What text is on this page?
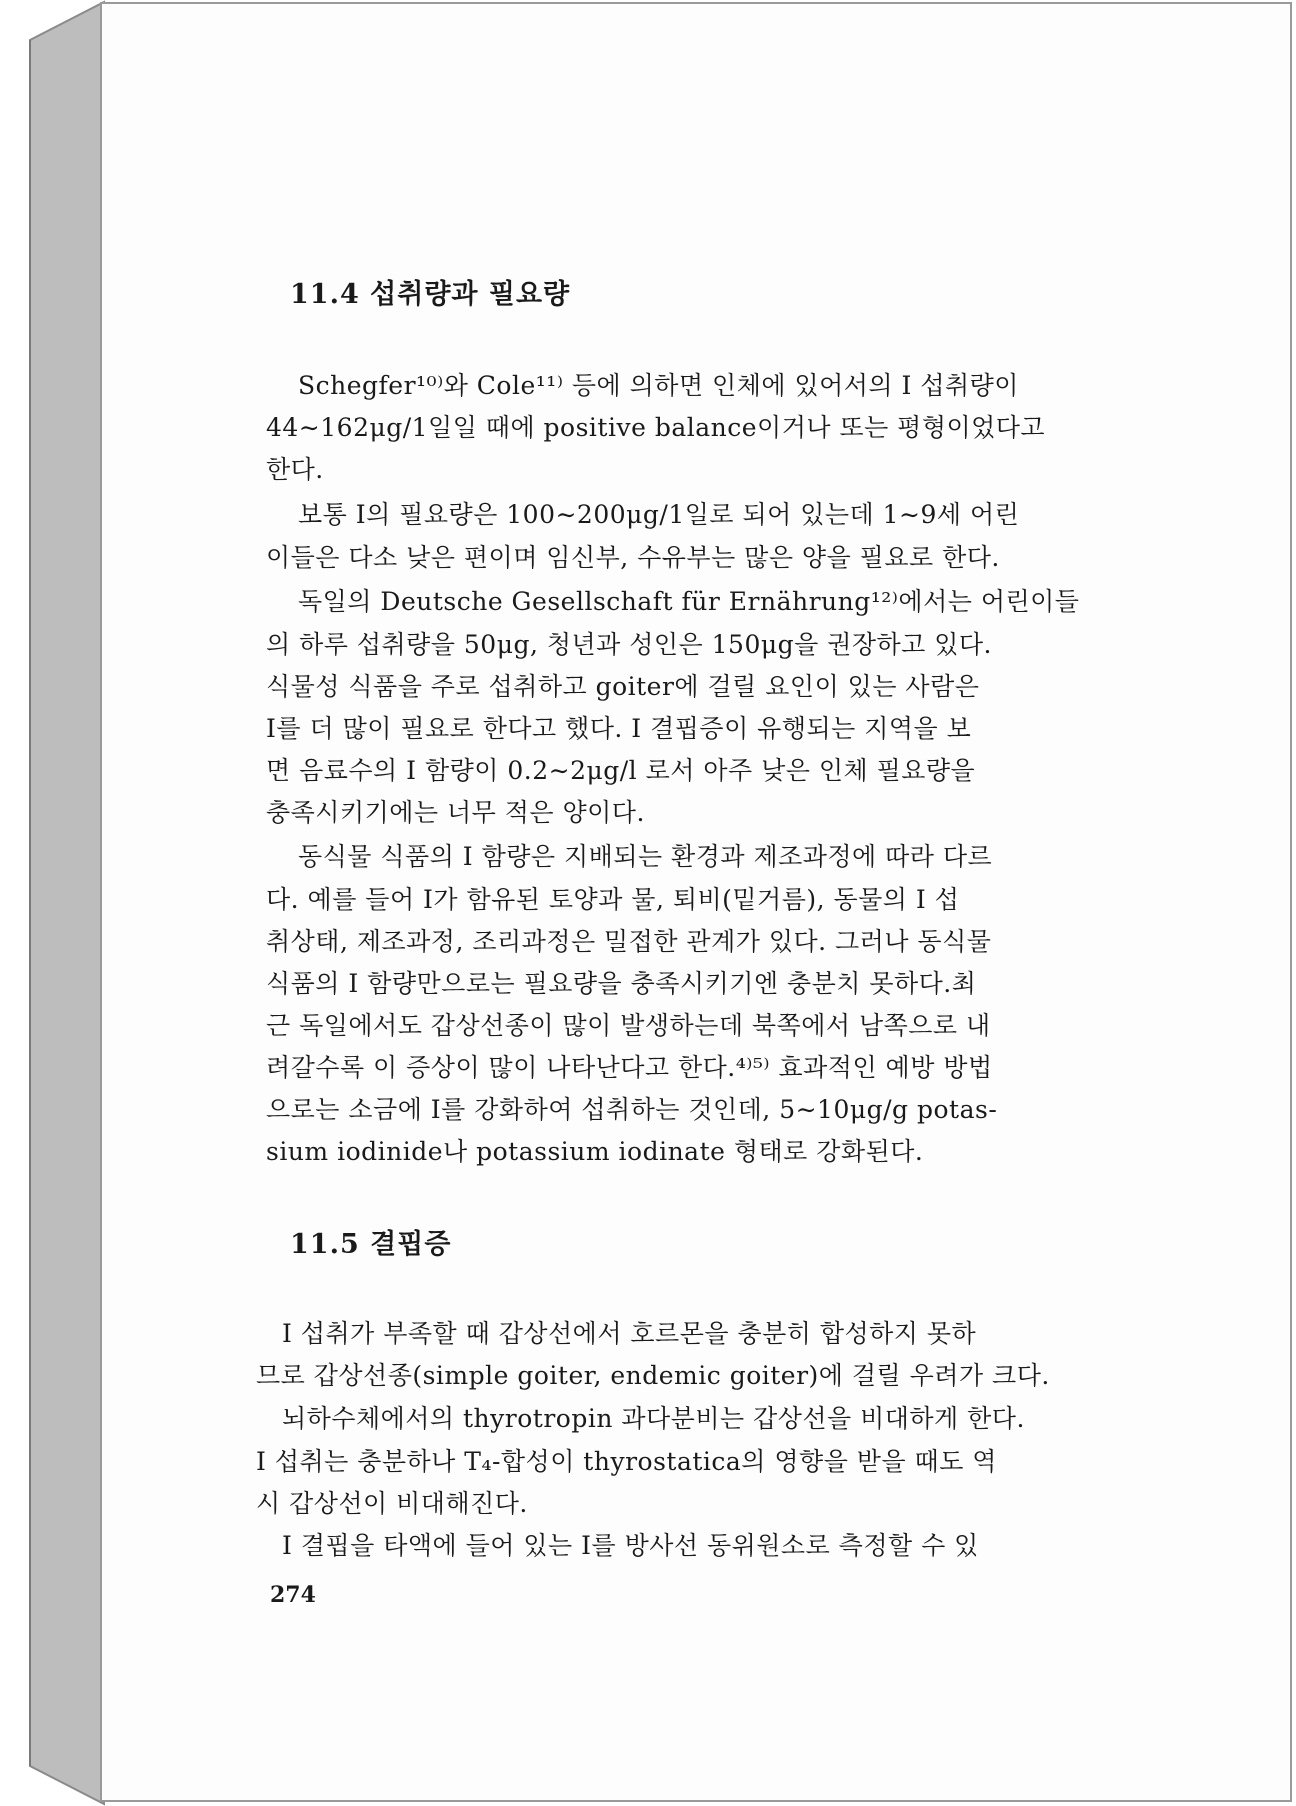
11.4 섭취량과 필요량
Schegfer¹⁰⁾와 Cole¹¹⁾ 등에 의하면 인체에 있어서의 I 섭취량이
44∼162μg/1일일 때에 positive balance이거나 또는 평형이었다고
한다.
보통 I의 필요량은 100∼200μg/1일로 되어 있는데 1∼9세 어린
이들은 다소 낮은 편이며 임신부, 수유부는 많은 양을 필요로 한다.
독일의 Deutsche Gesellschaft für Ernährung¹²⁾에서는 어린이들
의 하루 섭취량을 50μg, 청년과 성인은 150μg을 권장하고 있다.
식물성 식품을 주로 섭취하고 goiter에 걸릴 요인이 있는 사람은
I를 더 많이 필요로 한다고 했다. I 결핍증이 유행되는 지역을 보
면 음료수의 I 함량이 0.2∼2μg/l 로서 아주 낮은 인체 필요량을
충족시키기에는 너무 적은 양이다.
동식물 식품의 I 함량은 지배되는 환경과 제조과정에 따라 다르
다. 예를 들어 I가 함유된 토양과 물, 퇴비(밑거름), 동물의 I 섭
취상태, 제조과정, 조리과정은 밀접한 관계가 있다. 그러나 동식물
식품의 I 함량만으로는 필요량을 충족시키기엔 충분치 못하다.최
근 독일에서도 갑상선종이 많이 발생하는데 북쪽에서 남쪽으로 내
려갈수록 이 증상이 많이 나타난다고 한다.⁴⁾⁵⁾ 효과적인 예방 방법
으로는 소금에 I를 강화하여 섭취하는 것인데, 5∼10μg/g potas-
sium iodinide나 potassium iodinate 형태로 강화된다.
11.5 결핍증
I 섭취가 부족할 때 갑상선에서 호르몬을 충분히 합성하지 못하
므로 갑상선종(simple goiter, endemic goiter)에 걸릴 우려가 크다.
뇌하수체에서의 thyrotropin 과다분비는 갑상선을 비대하게 한다.
I 섭취는 충분하나 T₄-합성이 thyrostatica의 영향을 받을 때도 역
시 갑상선이 비대해진다.
I 결핍을 타액에 들어 있는 I를 방사선 동위원소로 측정할 수 있
274
